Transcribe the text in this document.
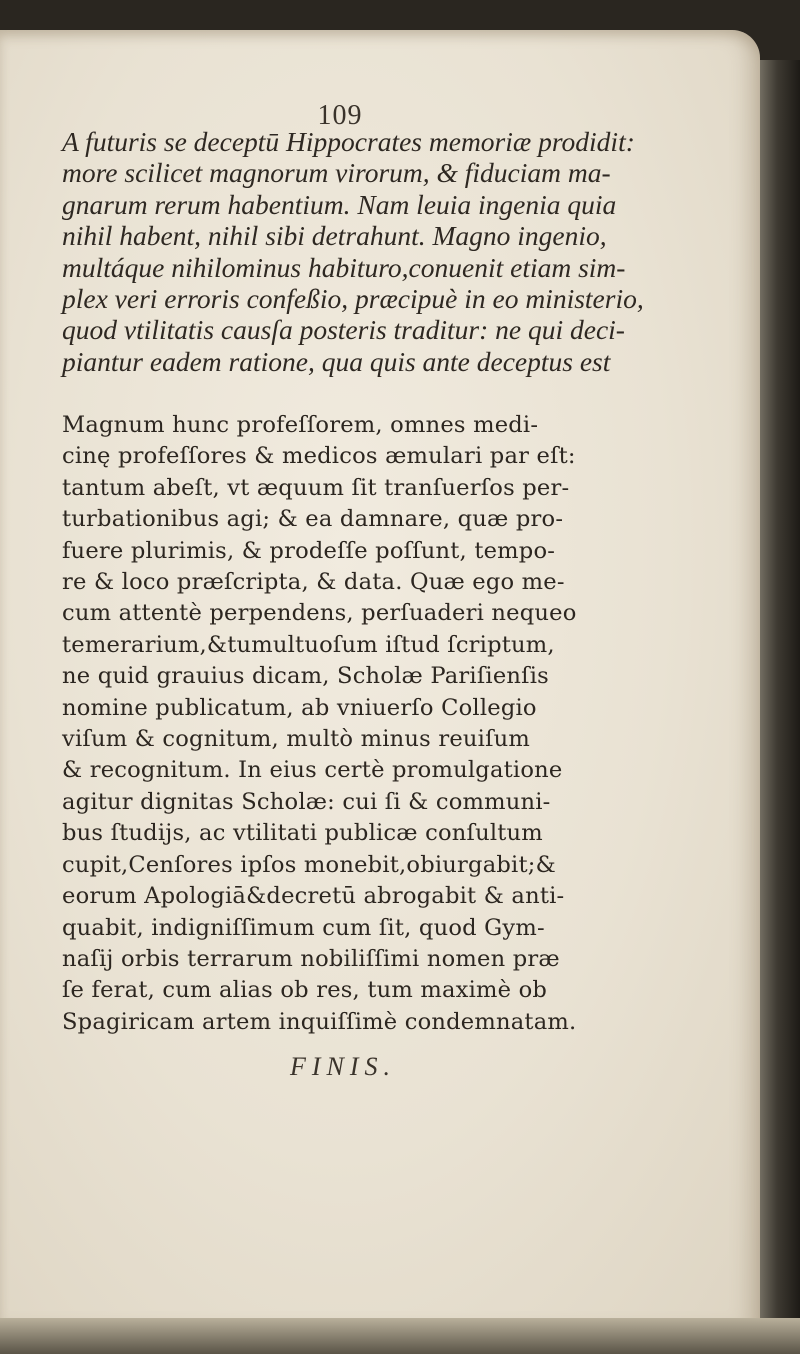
109
A futuris se deceptū Hippocrates memoriæ prodidit:
more scilicet magnorum virorum, & fiduciam ma-
gnarum rerum habentium. Nam leuia ingenia quia
nihil habent, nihil sibi detrahunt. Magno ingenio,
multáque nihilominus habituro,conuenit etiam sim-
plex veri erroris confeßio, præcipuè in eo ministerio,
quod vtilitatis causſa posteris traditur: ne qui deci-
piantur eadem ratione, qua quis ante deceptus est
Magnum hunc profeſſorem, omnes medi-
cinę profeſſores & medicos æmulari par eſt:
tantum abeſt, vt æquum ſit tranſuerſos per-
turbationibus agi; & ea damnare, quæ pro-
fuere plurimis, & prodeſſe poſſunt, tempo-
re & loco præſcripta, & data. Quæ ego me-
cum attentè perpendens, perſuaderi nequeo
temerarium,&tumultuoſum iſtud ſcriptum,
ne quid grauius dicam, Scholæ Pariſienſis
nomine publicatum, ab vniuerſo Collegio
viſum & cognitum, multò minus reuiſum
& recognitum. In eius certè promulgatione
agitur dignitas Scholæ: cui ſi & communi-
bus ſtudijs, ac vtilitati publicæ conſultum
cupit,Cenſores ipſos monebit,obiurgabit;&
eorum Apologiā&decretū abrogabit & anti-
quabit, indigniſſimum cum ſit, quod Gym-
naſij orbis terrarum nobiliſſimi nomen præ
ſe ferat, cum alias ob res, tum maximè ob
Spagiricam artem inquiſſimè condemnatam.
FINIS.
